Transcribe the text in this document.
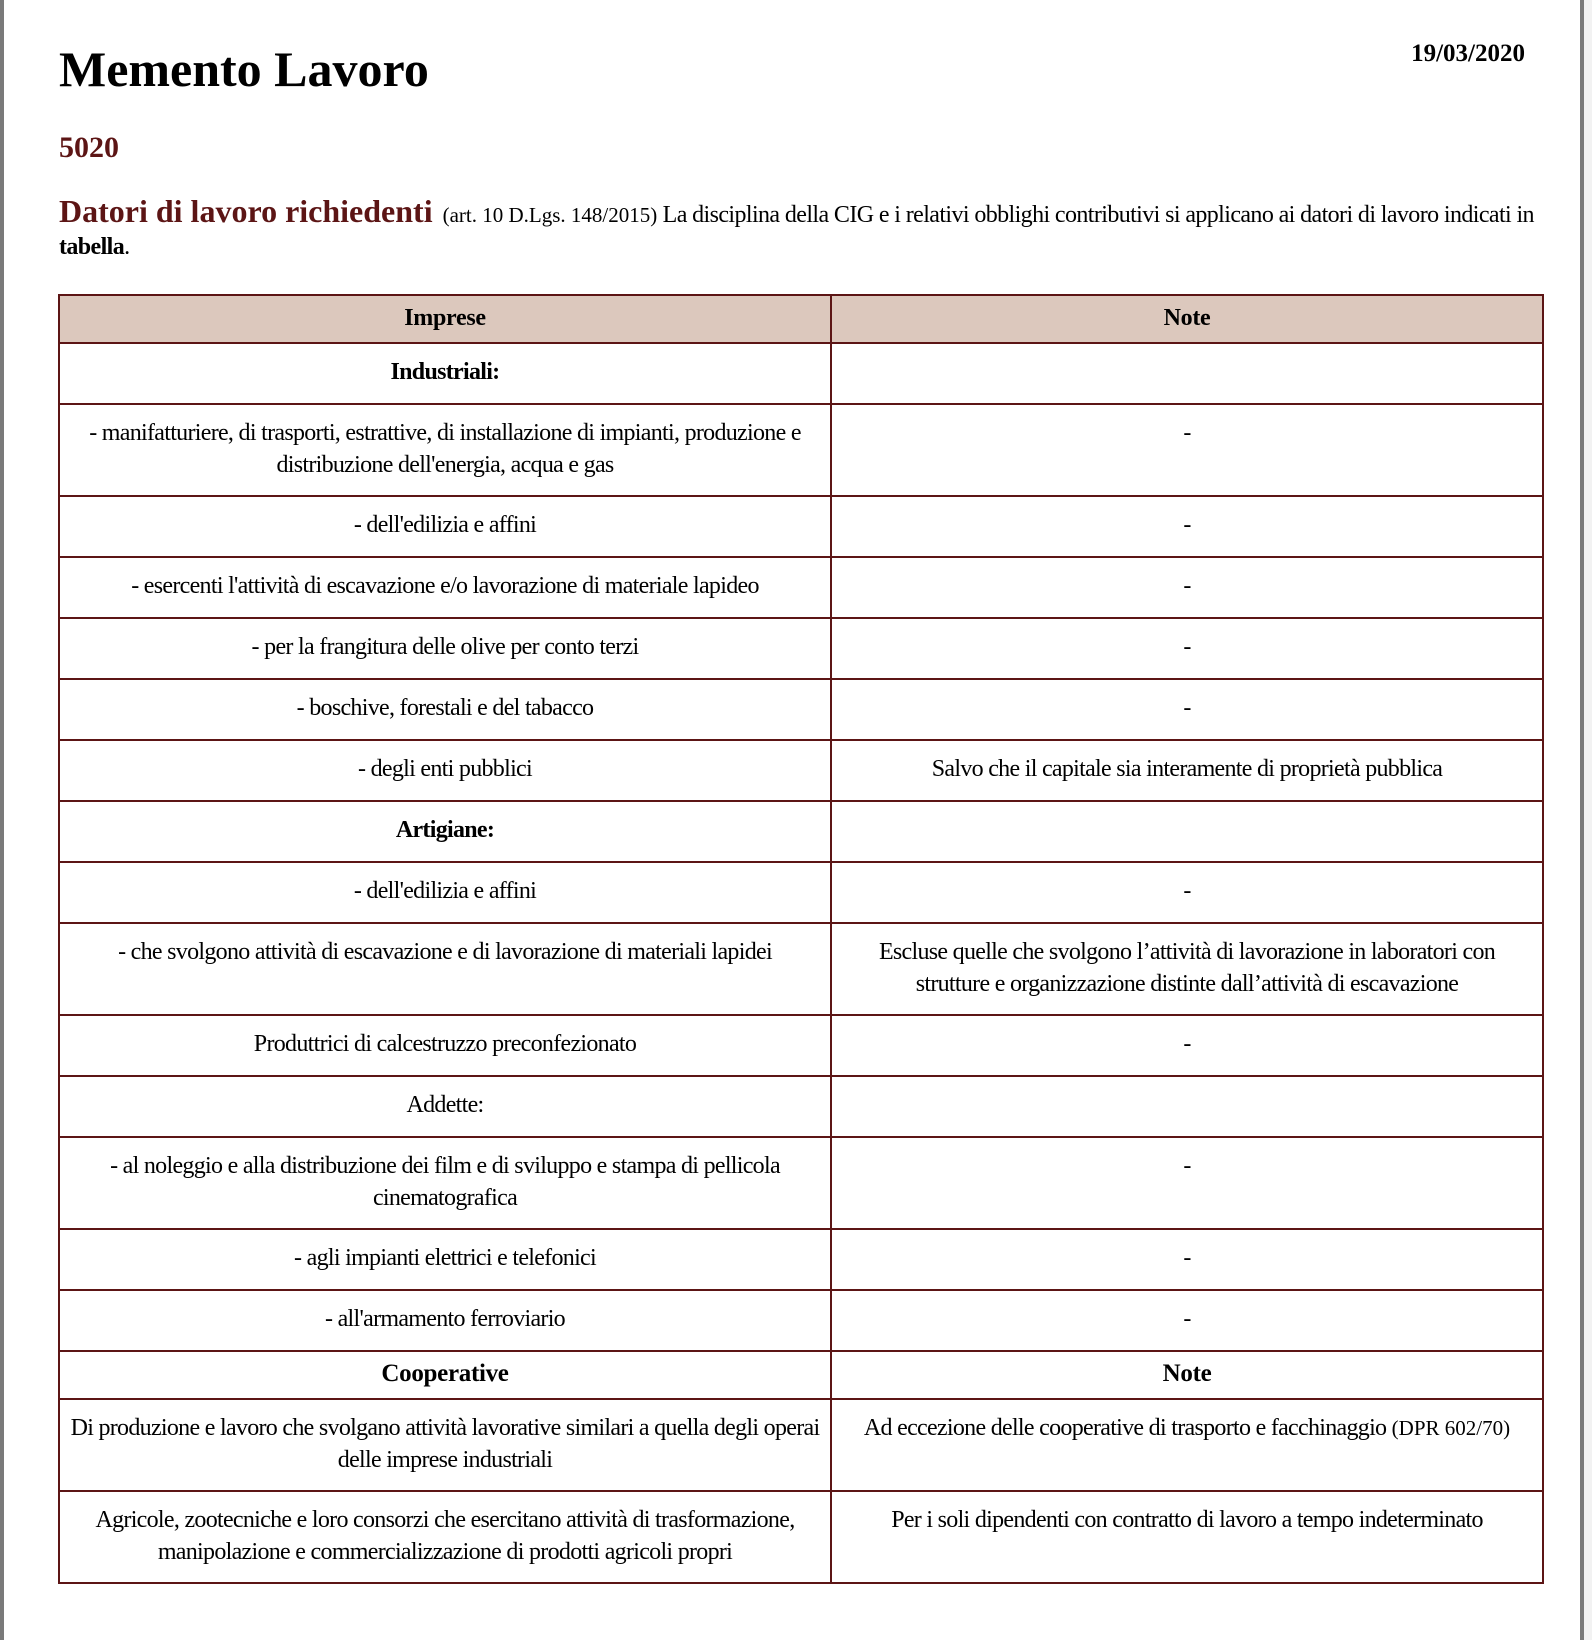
Memento Lavoro	19/03/2020
5020
Datori di lavoro richiedenti (art. 10 D.Lgs. 148/2015) La disciplina della CIG e i relativi obblighi contributivi si applicano ai datori di lavoro indicati in tabella.
Imprese	Note
Industriali:	
- manifatturiere, di trasporti, estrattive, di installazione di impianti, produzione e distribuzione dell'energia, acqua e gas	-
- dell'edilizia e affini	-
- esercenti l'attività di escavazione e/o lavorazione di materiale lapideo	-
- per la frangitura delle olive per conto terzi	-
- boschive, forestali e del tabacco	-
- degli enti pubblici	Salvo che il capitale sia interamente di proprietà pubblica
Artigiane:	
- dell'edilizia e affini	-
- che svolgono attività di escavazione e di lavorazione di materiali lapidei	Escluse quelle che svolgono l’attività di lavorazione in laboratori con strutture e organizzazione distinte dall’attività di escavazione
Produttrici di calcestruzzo preconfezionato	-
Addette:	
- al noleggio e alla distribuzione dei film e di sviluppo e stampa di pellicola cinematografica	-
- agli impianti elettrici e telefonici	-
- all'armamento ferroviario	-
Cooperative	Note
Di produzione e lavoro che svolgano attività lavorative similari a quella degli operai delle imprese industriali	Ad eccezione delle cooperative di trasporto e facchinaggio (DPR 602/70)
Agricole, zootecniche e loro consorzi che esercitano attività di trasformazione, manipolazione e commercializzazione di prodotti agricoli propri	Per i soli dipendenti con contratto di lavoro a tempo indeterminato
